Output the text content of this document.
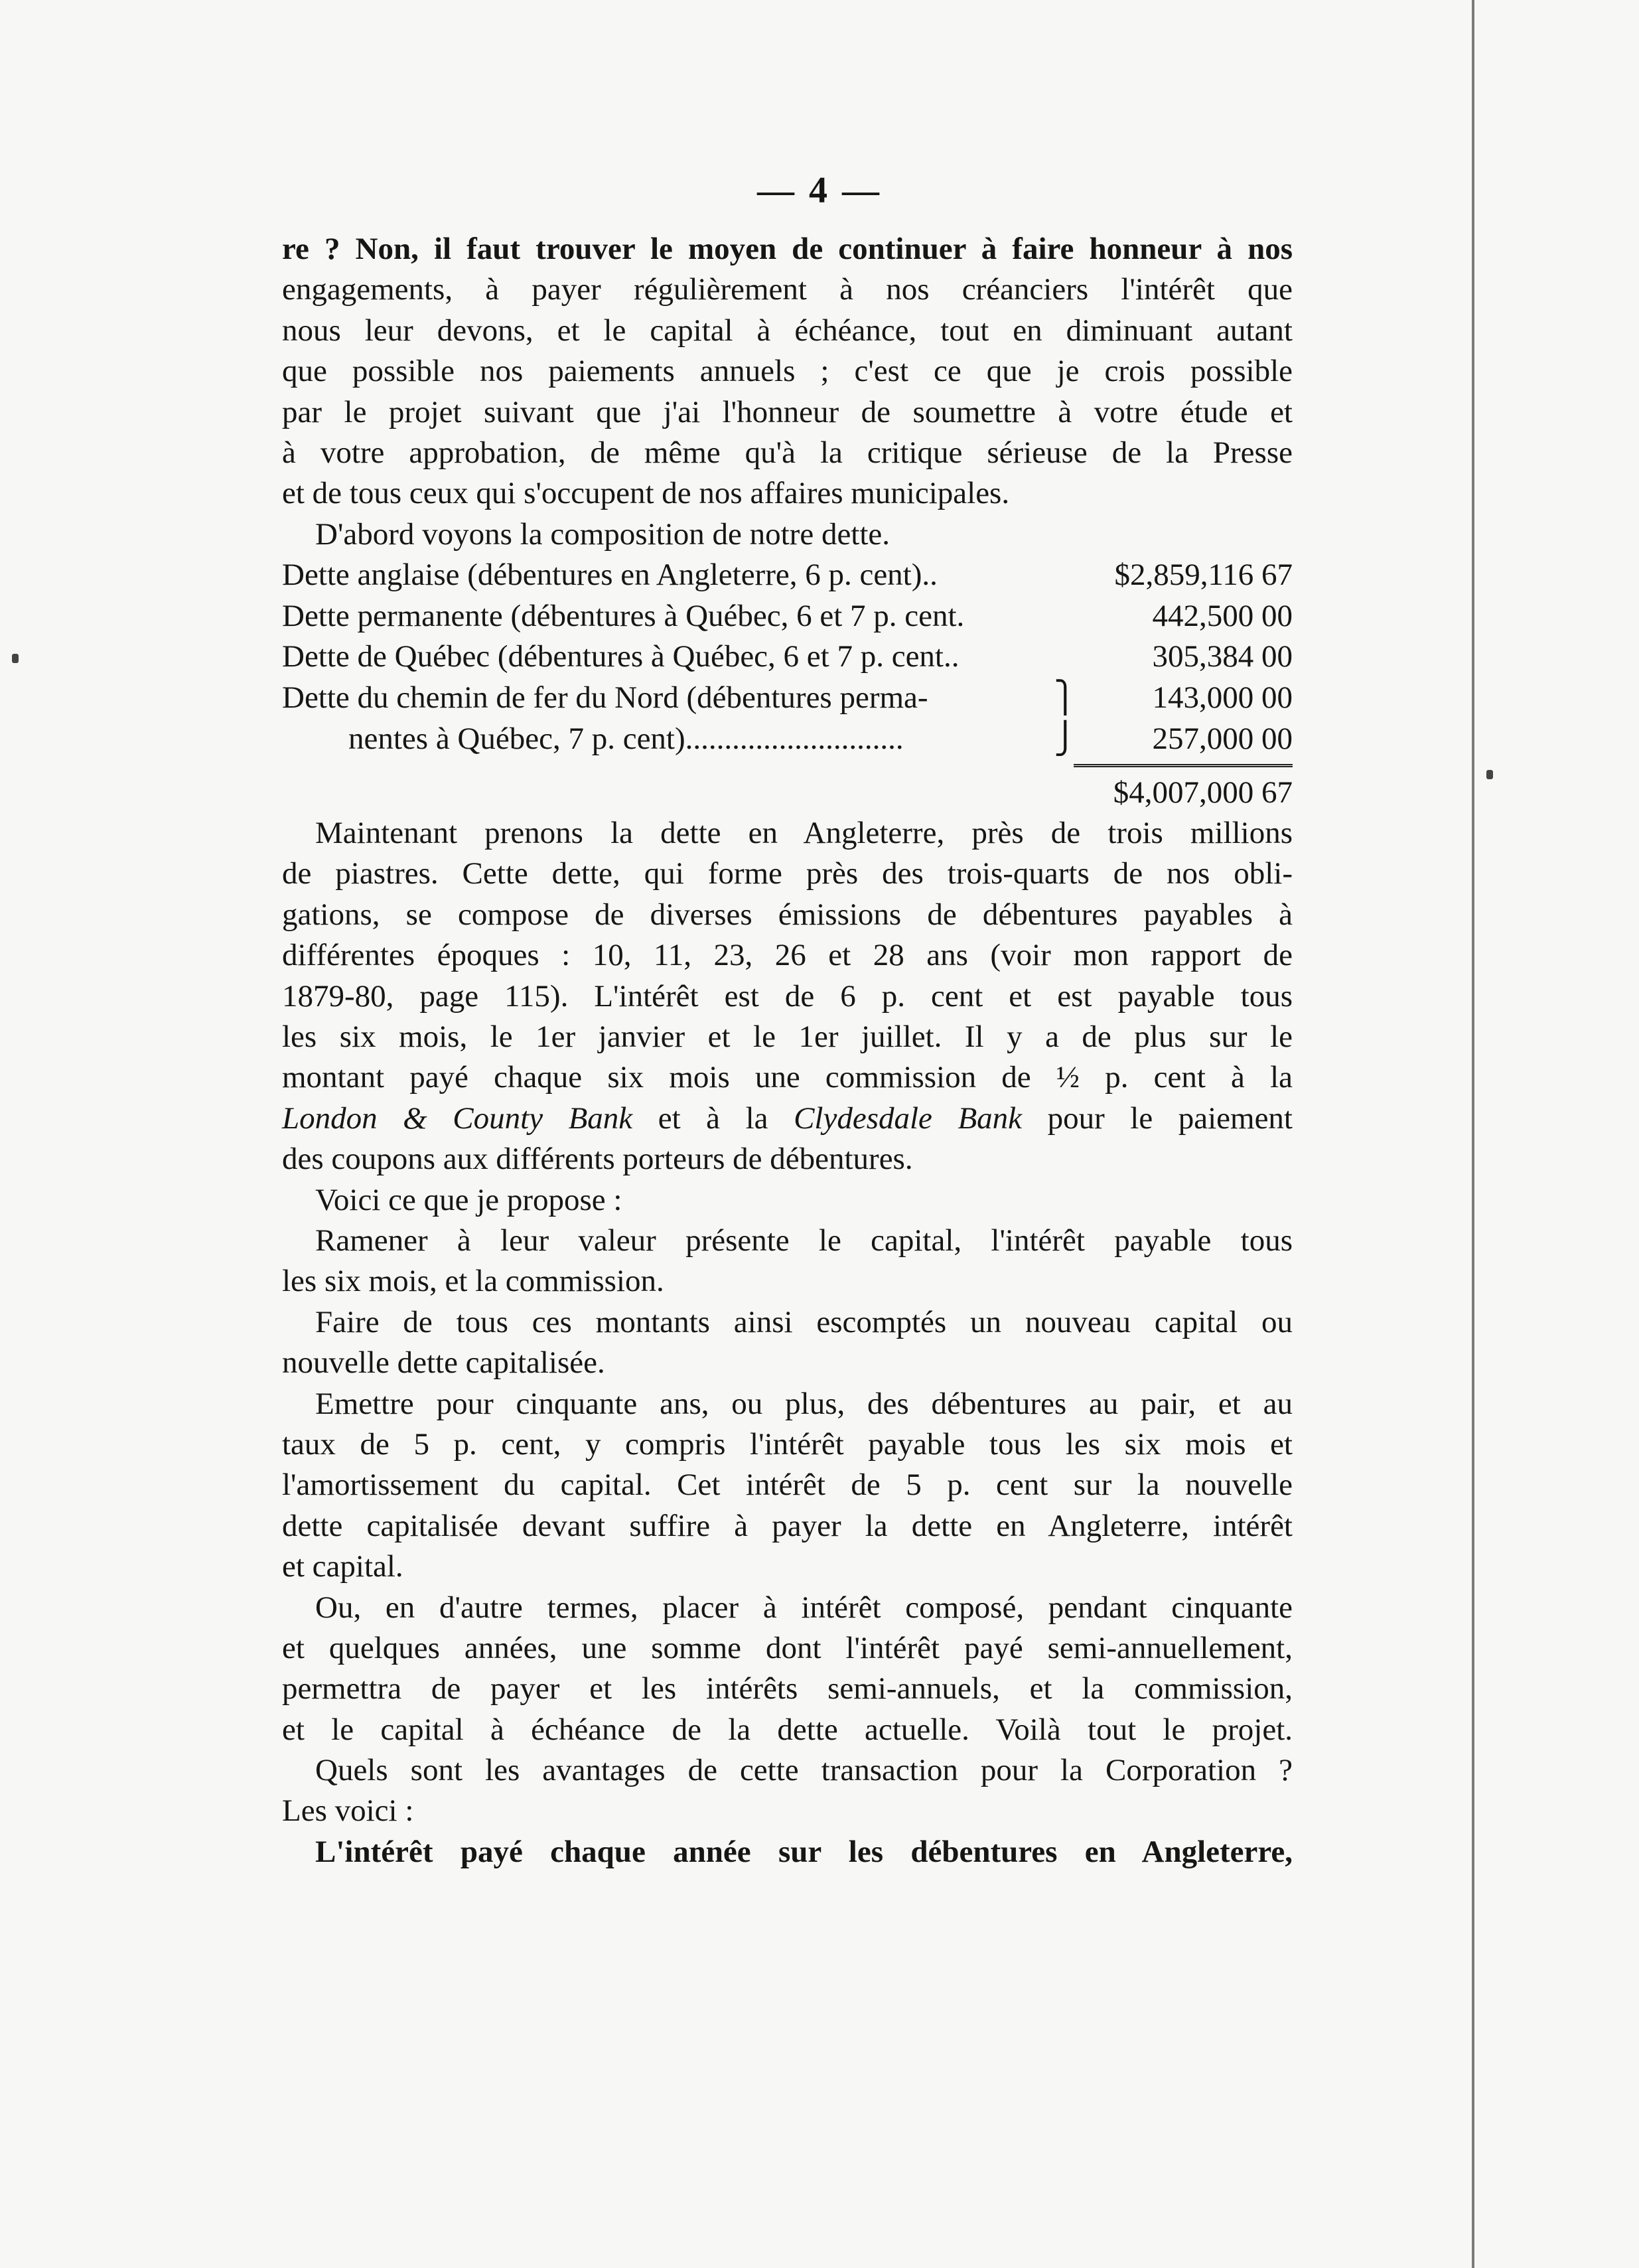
— 4 —
re ? Non, il faut trouver le moyen de continuer à faire honneur à nos
engagements, à payer régulièrement à nos créanciers l'intérêt que
nous leur devons, et le capital à échéance, tout en diminuant autant
que possible nos paiements annuels ; c'est ce que je crois possible
par le projet suivant que j'ai l'honneur de soumettre à votre étude et
à votre approbation, de même qu'à la critique sérieuse de la Presse
et de tous ceux qui s'occupent de nos affaires municipales.
D'abord voyons la composition de notre dette.
Dette anglaise (débentures en Angleterre, 6 p. cent)..	$2,859,116 67
Dette permanente (débentures à Québec, 6 et 7 p. cent.	442,500 00
Dette de Québec (débentures à Québec, 6 et 7 p. cent..	305,384 00
Dette du chemin de fer du Nord (débentures perma-	⎫	143,000 00
nentes à Québec, 7 p. cent)............................	⎭	257,000 00
$4,007,000 67
Maintenant prenons la dette en Angleterre, près de trois millions
de piastres. Cette dette, qui forme près des trois-quarts de nos obli-
gations, se compose de diverses émissions de débentures payables à
différentes époques : 10, 11, 23, 26 et 28 ans (voir mon rapport de
1879-80, page 115). L'intérêt est de 6 p. cent et est payable tous
les six mois, le 1er janvier et le 1er juillet. Il y a de plus sur le
montant payé chaque six mois une commission de ½ p. cent à la
London & County Bank et à la Clydesdale Bank pour le paiement
des coupons aux différents porteurs de débentures.
Voici ce que je propose :
Ramener à leur valeur présente le capital, l'intérêt payable tous
les six mois, et la commission.
Faire de tous ces montants ainsi escomptés un nouveau capital ou
nouvelle dette capitalisée.
Emettre pour cinquante ans, ou plus, des débentures au pair, et au
taux de 5 p. cent, y compris l'intérêt payable tous les six mois et
l'amortissement du capital. Cet intérêt de 5 p. cent sur la nouvelle
dette capitalisée devant suffire à payer la dette en Angleterre, intérêt
et capital.
Ou, en d'autre termes, placer à intérêt composé, pendant cinquante
et quelques années, une somme dont l'intérêt payé semi-annuellement,
permettra de payer et les intérêts semi-annuels, et la commission,
et le capital à échéance de la dette actuelle. Voilà tout le projet.
Quels sont les avantages de cette transaction pour la Corporation ?
Les voici :
L'intérêt payé chaque année sur les débentures en Angleterre,
